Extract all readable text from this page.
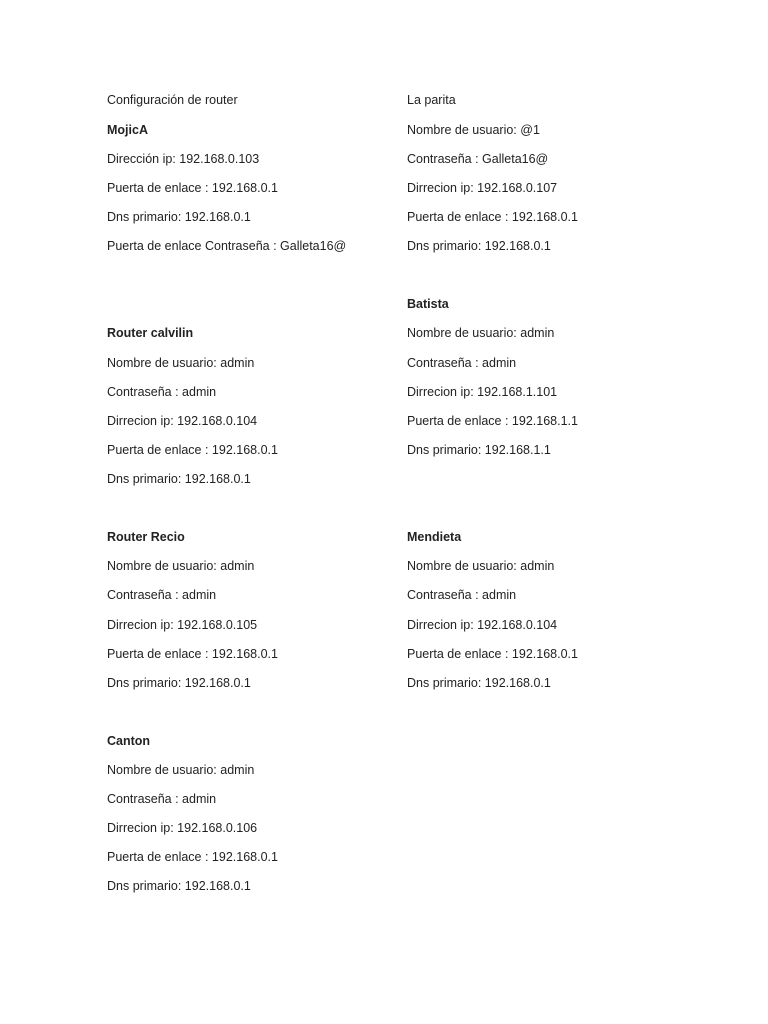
Configuración de router
MojicA
Dirección ip: 192.168.0.103
Puerta de enlace : 192.168.0.1
Dns primario: 192.168.0.1
Puerta de enlace Contraseña : Galleta16@
La parita
Nombre de usuario: @1
Contraseña : Galleta16@
Dirrecion ip: 192.168.0.107
Puerta de enlace : 192.168.0.1
Dns primario: 192.168.0.1
Batista
Nombre de usuario: admin
Contraseña : admin
Dirrecion ip: 192.168.1.101
Puerta de enlace : 192.168.1.1
Dns primario: 192.168.1.1
Router calvilin
Nombre de usuario: admin
Contraseña : admin
Dirrecion ip: 192.168.0.104
Puerta de enlace : 192.168.0.1
Dns primario: 192.168.0.1
Router Recio
Nombre de usuario: admin
Contraseña : admin
Dirrecion ip: 192.168.0.105
Puerta de enlace : 192.168.0.1
Dns primario: 192.168.0.1
Mendieta
Nombre de usuario: admin
Contraseña : admin
Dirrecion ip: 192.168.0.104
Puerta de enlace : 192.168.0.1
Dns primario: 192.168.0.1
Canton
Nombre de usuario: admin
Contraseña : admin
Dirrecion ip: 192.168.0.106
Puerta de enlace : 192.168.0.1
Dns primario: 192.168.0.1
